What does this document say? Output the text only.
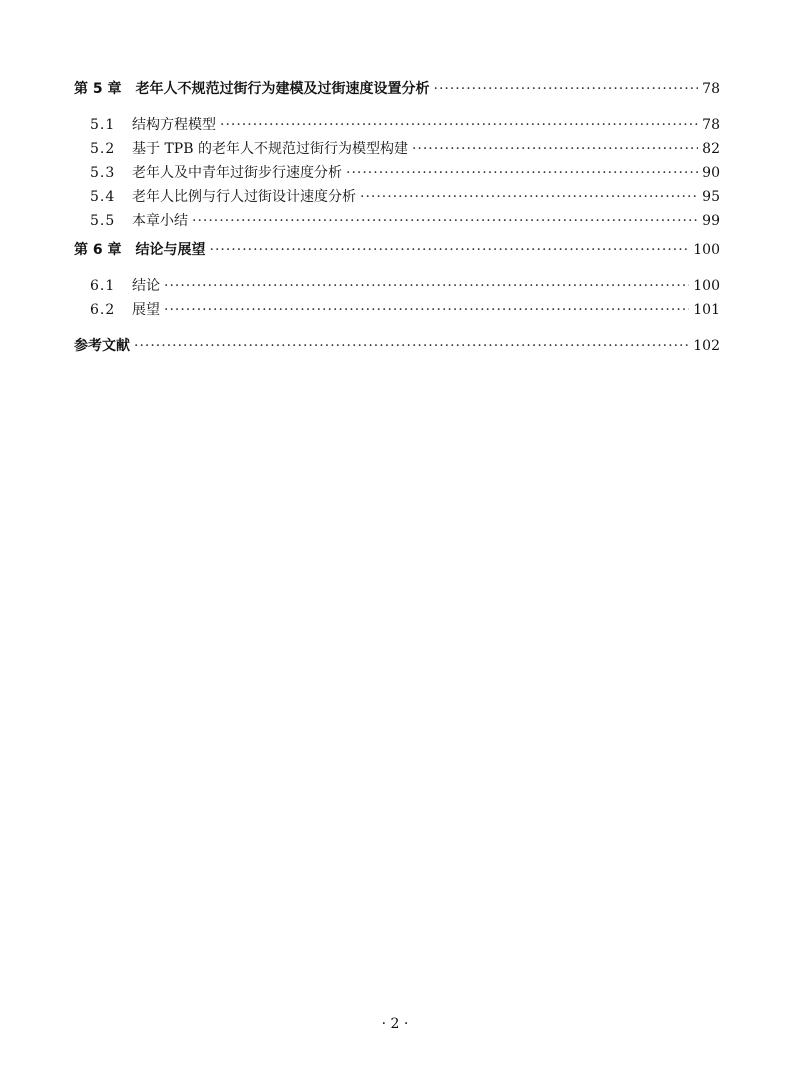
第 5 章 老年人不规范过街行为建模及过街速度设置分析 ·····	78
5.1	结构方程模型 ·····	78
5.2	基于 TPB 的老年人不规范过街行为模型构建 ·····	82
5.3	老年人及中青年过街步行速度分析 ·····	90
5.4	老年人比例与行人过街设计速度分析 ·····	95
5.5	本章小结 ·····	99
第 6 章 结论与展望 ·····	100
6.1	结论 ·····	100
6.2	展望 ·····	101
参考文献 ·····	102
· 2 ·
